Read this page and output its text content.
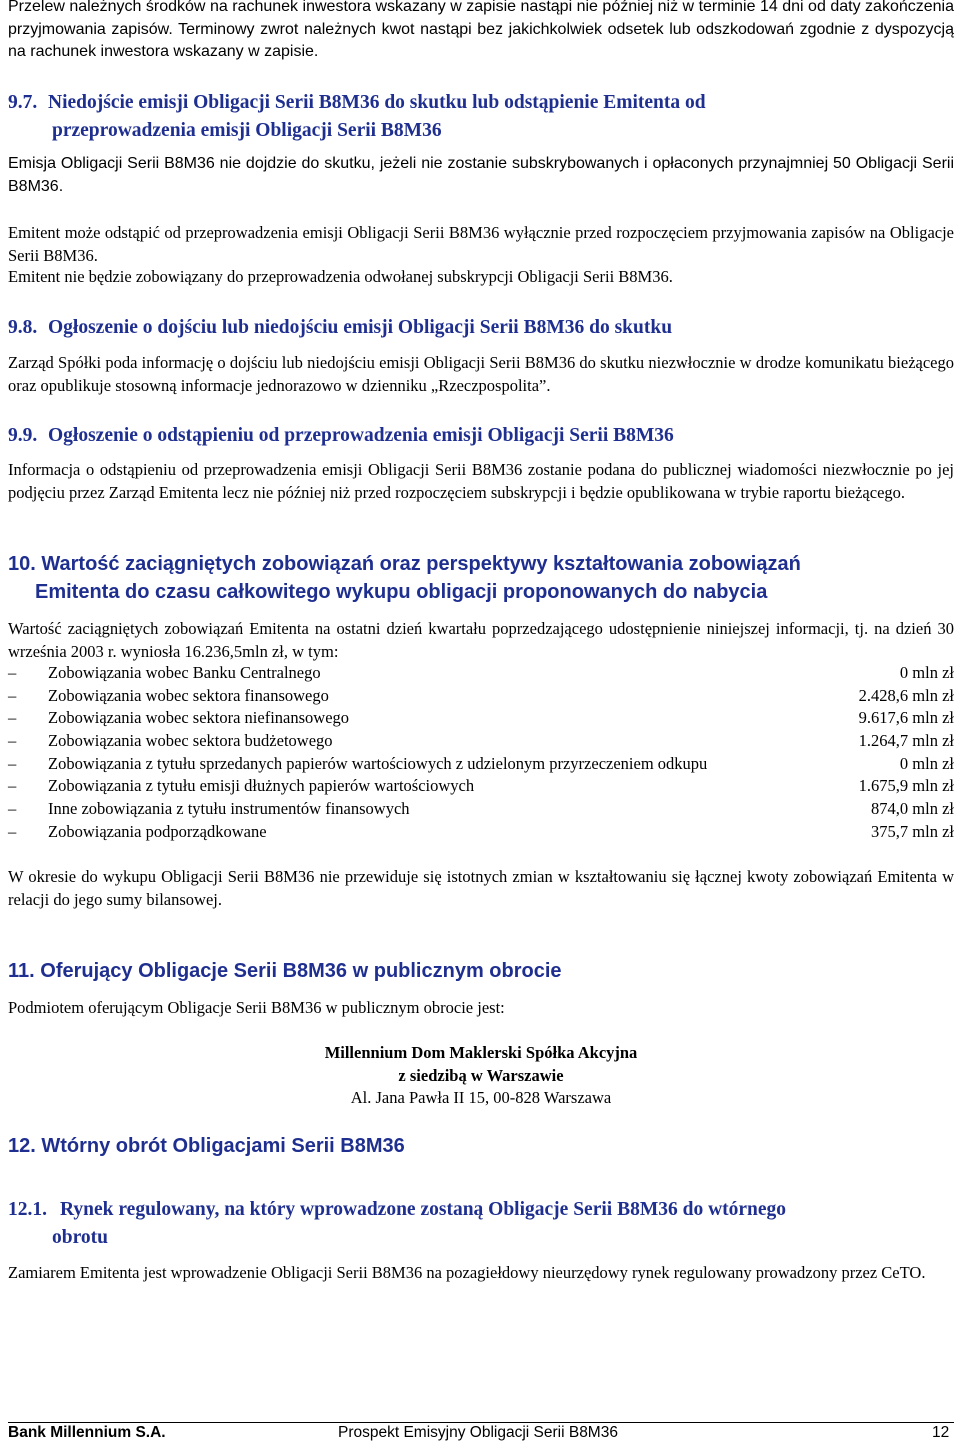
Przelew należnych środków na rachunek inwestora wskazany w zapisie nastąpi nie później niż w terminie 14 dni od daty zakończenia przyjmowania zapisów. Terminowy zwrot należnych kwot nastąpi bez jakichkolwiek odsetek lub odszkodowań zgodnie z dyspozycją na rachunek inwestora wskazany w zapisie.

9.7. Niedojście emisji Obligacji Serii B8M36 do skutku lub odstąpienie Emitenta od
przeprowadzenia emisji Obligacji Serii B8M36

Emisja Obligacji Serii B8M36 nie dojdzie do skutku, jeżeli nie zostanie subskrybowanych i opłaconych przynajmniej 50 Obligacji Serii B8M36.

Emitent może odstąpić od przeprowadzenia emisji Obligacji Serii B8M36 wyłącznie przed rozpoczęciem przyjmowania zapisów na Obligacje Serii B8M36.

Emitent nie będzie zobowiązany do przeprowadzenia odwołanej subskrypcji Obligacji Serii B8M36.

9.8. Ogłoszenie o dojściu lub niedojściu emisji Obligacji Serii B8M36 do skutku

Zarząd Spółki poda informację o dojściu lub niedojściu emisji Obligacji Serii B8M36 do skutku niezwłocznie w drodze komunikatu bieżącego oraz opublikuje stosowną informacje jednorazowo w dzienniku „Rzeczpospolita”.

9.9. Ogłoszenie o odstąpieniu od przeprowadzenia emisji Obligacji Serii B8M36

Informacja o odstąpieniu od przeprowadzenia emisji Obligacji Serii B8M36 zostanie podana do publicznej wiadomości niezwłocznie po jej podjęciu przez Zarząd Emitenta lecz nie później niż przed rozpoczęciem subskrypcji i będzie opublikowana w trybie raportu bieżącego.

10. Wartość zaciągniętych zobowiązań oraz perspektywy kształtowania zobowiązań
Emitenta do czasu całkowitego wykupu obligacji proponowanych do nabycia

Wartość zaciągniętych zobowiązań Emitenta na ostatni dzień kwartału poprzedzającego udostępnienie niniejszej informacji, tj. na dzień 30 września 2003 r. wyniosła 16.236,5mln zł, w tym:

– Zobowiązania wobec Banku Centralnego	0 mln zł
– Zobowiązania wobec sektora finansowego	2.428,6 mln zł
– Zobowiązania wobec sektora niefinansowego	9.617,6 mln zł
– Zobowiązania wobec sektora budżetowego	1.264,7 mln zł
– Zobowiązania z tytułu sprzedanych papierów wartościowych z udzielonym przyrzeczeniem odkupu	0 mln zł
– Zobowiązania z tytułu emisji dłużnych papierów wartościowych	1.675,9 mln zł
– Inne zobowiązania z tytułu instrumentów finansowych	874,0 mln zł
– Zobowiązania podporządkowane	375,7 mln zł

W okresie do wykupu Obligacji Serii B8M36 nie przewiduje się istotnych zmian w kształtowaniu się łącznej kwoty zobowiązań Emitenta w relacji do jego sumy bilansowej.

11. Oferujący Obligacje Serii B8M36 w publicznym obrocie

Podmiotem oferującym Obligacje Serii B8M36 w publicznym obrocie jest:

Millennium Dom Maklerski Spółka Akcyjna
z siedzibą w Warszawie
Al. Jana Pawła II 15, 00-828 Warszawa
12. Wtórny obrót Obligacjami Serii B8M36
12.1. Rynek regulowany, na który wprowadzone zostaną Obligacje Serii B8M36 do wtórnego
obrotu

Zamiarem Emitenta jest wprowadzenie Obligacji Serii B8M36 na pozagiełdowy nieurzędowy rynek regulowany prowadzony przez CeTO.

Bank Millennium S.A.	Prospekt Emisyjny Obligacji Serii B8M36	12
